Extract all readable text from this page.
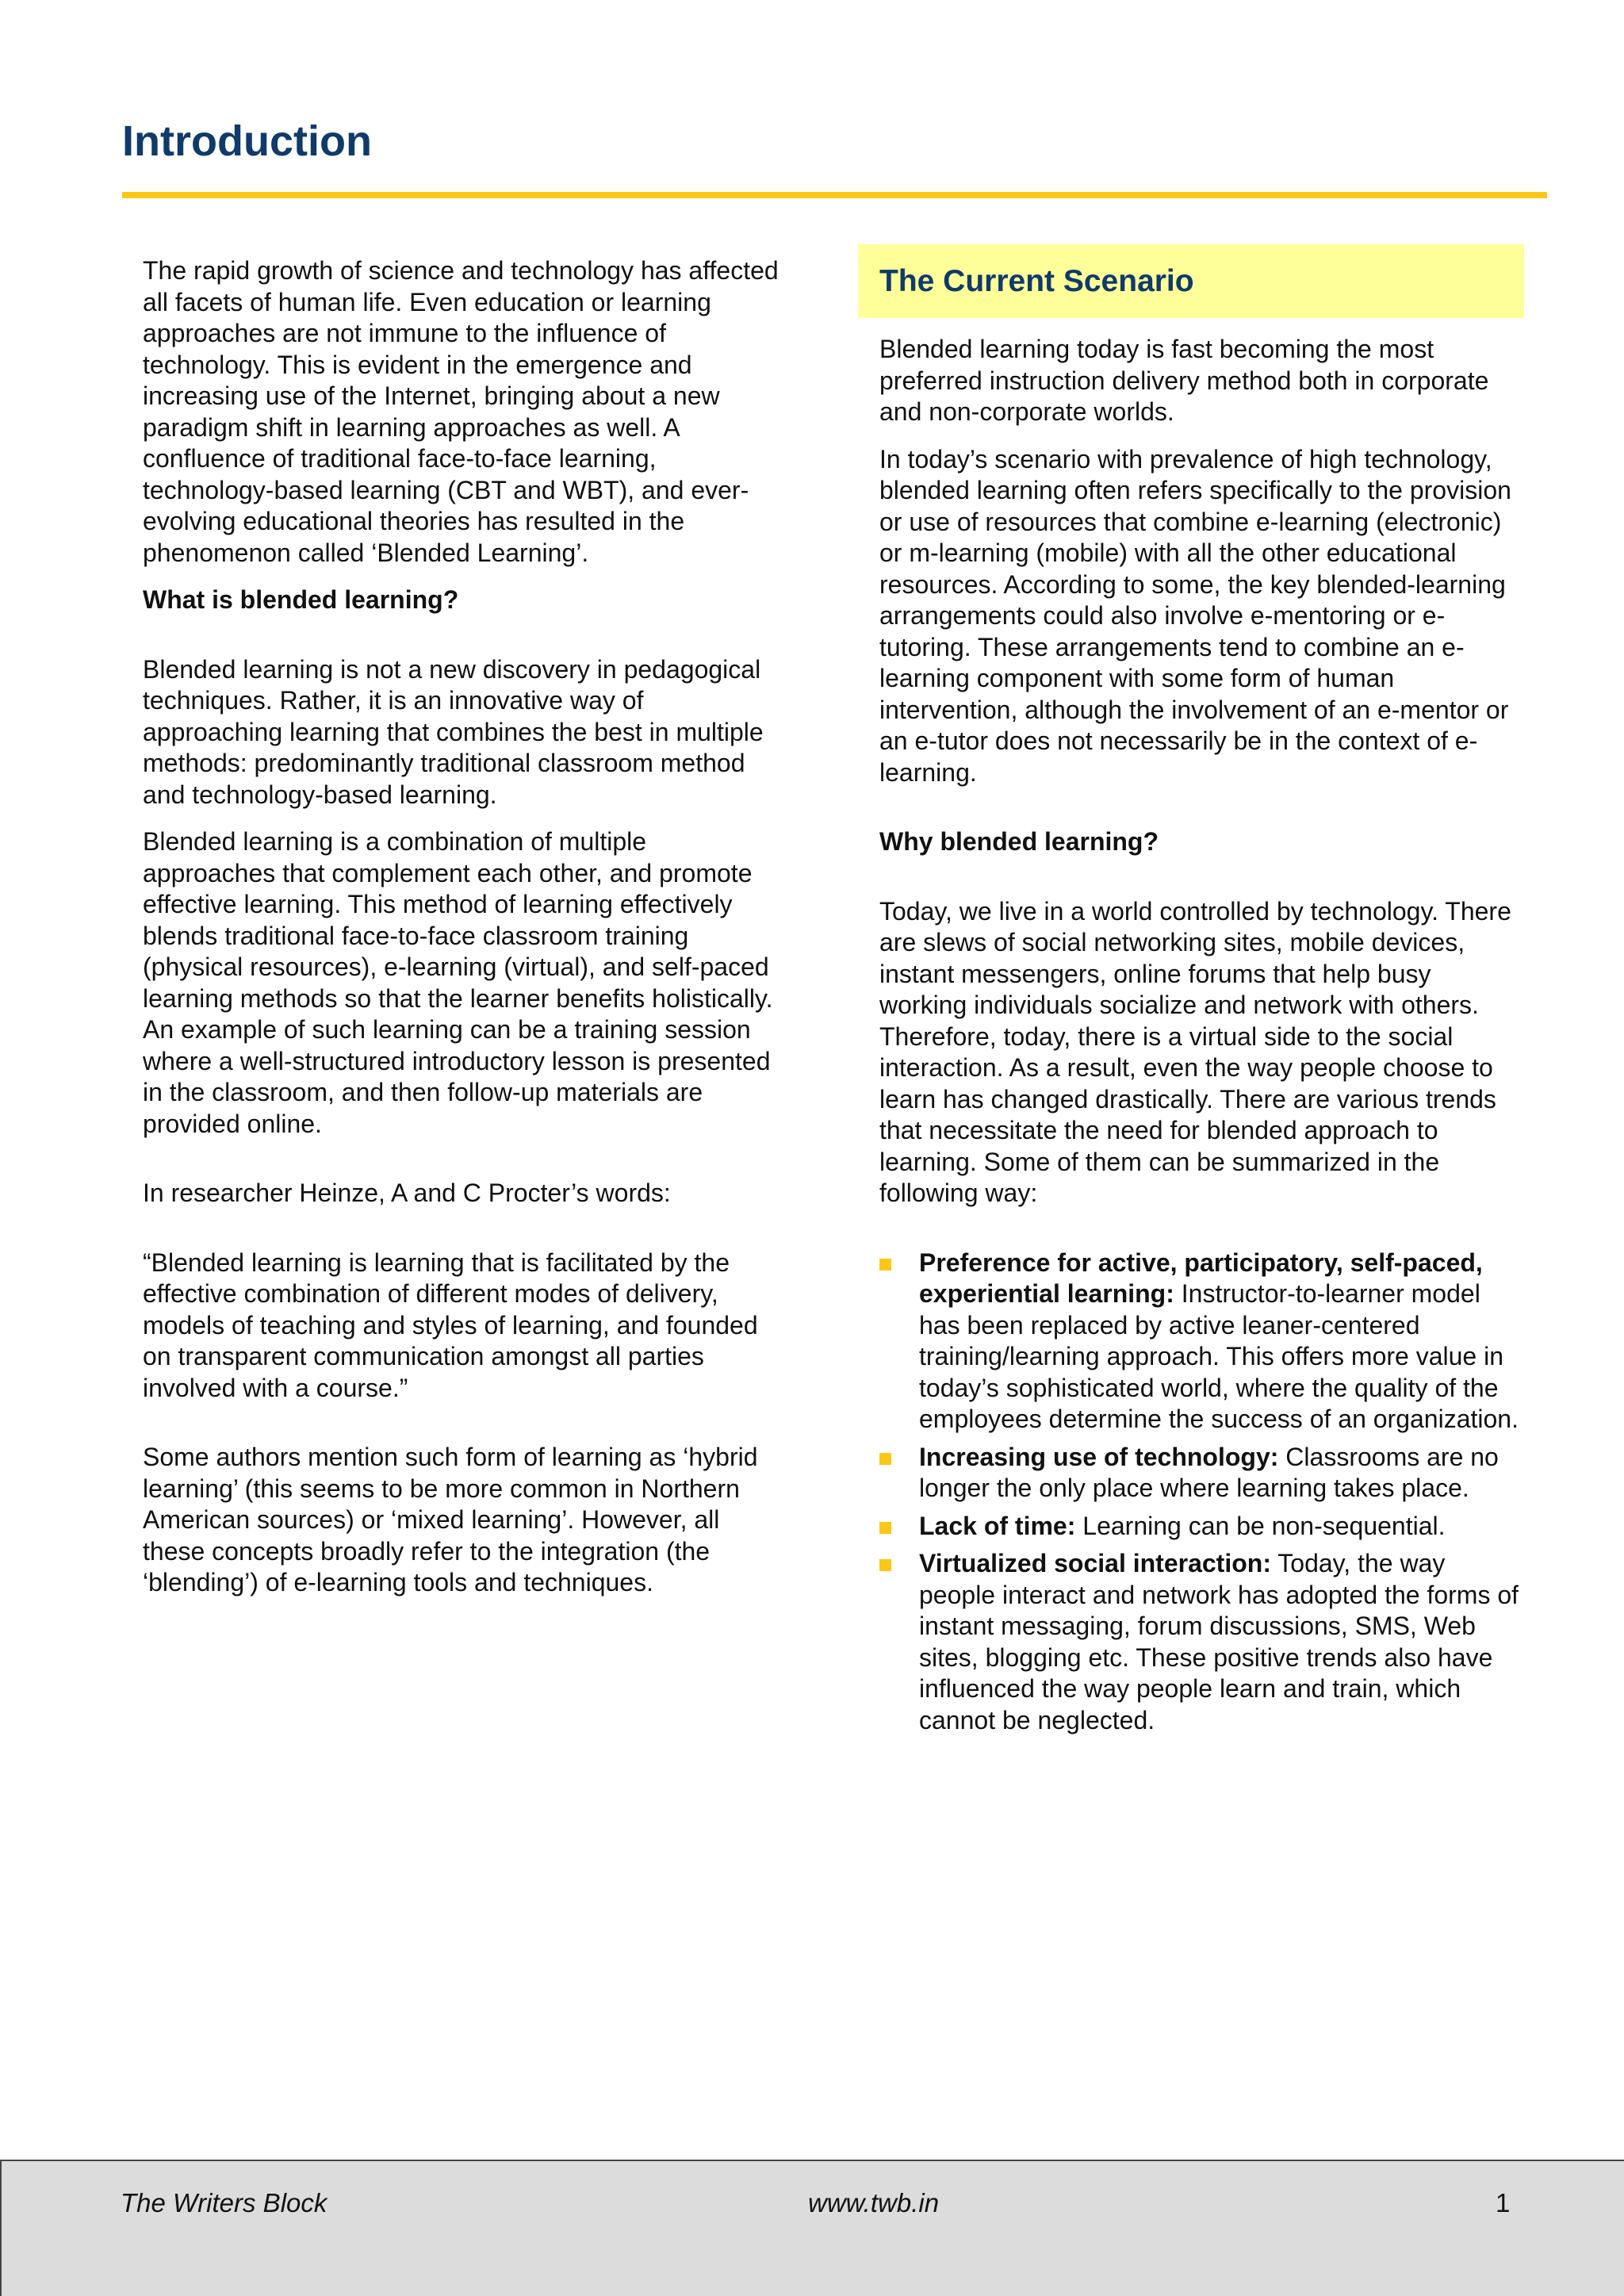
Introduction

The rapid growth of science and technology has affected all facets of human life. Even education or learning approaches are not immune to the influence of technology. This is evident in the emergence and increasing use of the Internet, bringing about a new paradigm shift in learning approaches as well. A confluence of traditional face-to-face learning, technology-based learning (CBT and WBT), and ever-evolving educational theories has resulted in the phenomenon called ‘Blended Learning’.

What is blended learning?

Blended learning is not a new discovery in pedagogical techniques. Rather, it is an innovative way of approaching learning that combines the best in multiple methods: predominantly traditional classroom method and technology-based learning.

Blended learning is a combination of multiple approaches that complement each other, and promote effective learning. This method of learning effectively blends traditional face-to-face classroom training (physical resources), e-learning (virtual), and self-paced learning methods so that the learner benefits holistically. An example of such learning can be a training session where a well-structured introductory lesson is presented in the classroom, and then follow-up materials are provided online.

In researcher Heinze, A and C Procter’s words:

“Blended learning is learning that is facilitated by the effective combination of different modes of delivery, models of teaching and styles of learning, and founded on transparent communication amongst all parties involved with a course.”

Some authors mention such form of learning as ‘hybrid learning’ (this seems to be more common in Northern American sources) or ‘mixed learning’. However, all these concepts broadly refer to the integration (the ‘blending’) of e-learning tools and techniques.

The Current Scenario

Blended learning today is fast becoming the most preferred instruction delivery method both in corporate and non-corporate worlds.

In today’s scenario with prevalence of high technology, blended learning often refers specifically to the provision or use of resources that combine e-learning (electronic) or m-learning (mobile) with all the other educational resources. According to some, the key blended-learning arrangements could also involve e-mentoring or e-tutoring. These arrangements tend to combine an e-learning component with some form of human intervention, although the involvement of an e-mentor or an e-tutor does not necessarily be in the context of e-learning.

Why blended learning?

Today, we live in a world controlled by technology. There are slews of social networking sites, mobile devices, instant messengers, online forums that help busy working individuals socialize and network with others. Therefore, today, there is a virtual side to the social interaction. As a result, even the way people choose to learn has changed drastically. There are various trends that necessitate the need for blended approach to learning. Some of them can be summarized in the following way:

Preference for active, participatory, self-paced, experiential learning: Instructor-to-learner model has been replaced by active leaner-centered training/learning approach. This offers more value in today’s sophisticated world, where the quality of the employees determine the success of an organization.
Increasing use of technology: Classrooms are no longer the only place where learning takes place.
Lack of time: Learning can be non-sequential.
Virtualized social interaction: Today, the way people interact and network has adopted the forms of instant messaging, forum discussions, SMS, Web sites, blogging etc. These positive trends also have influenced the way people learn and train, which cannot be neglected.
The Writers Block	www.twb.in	1
